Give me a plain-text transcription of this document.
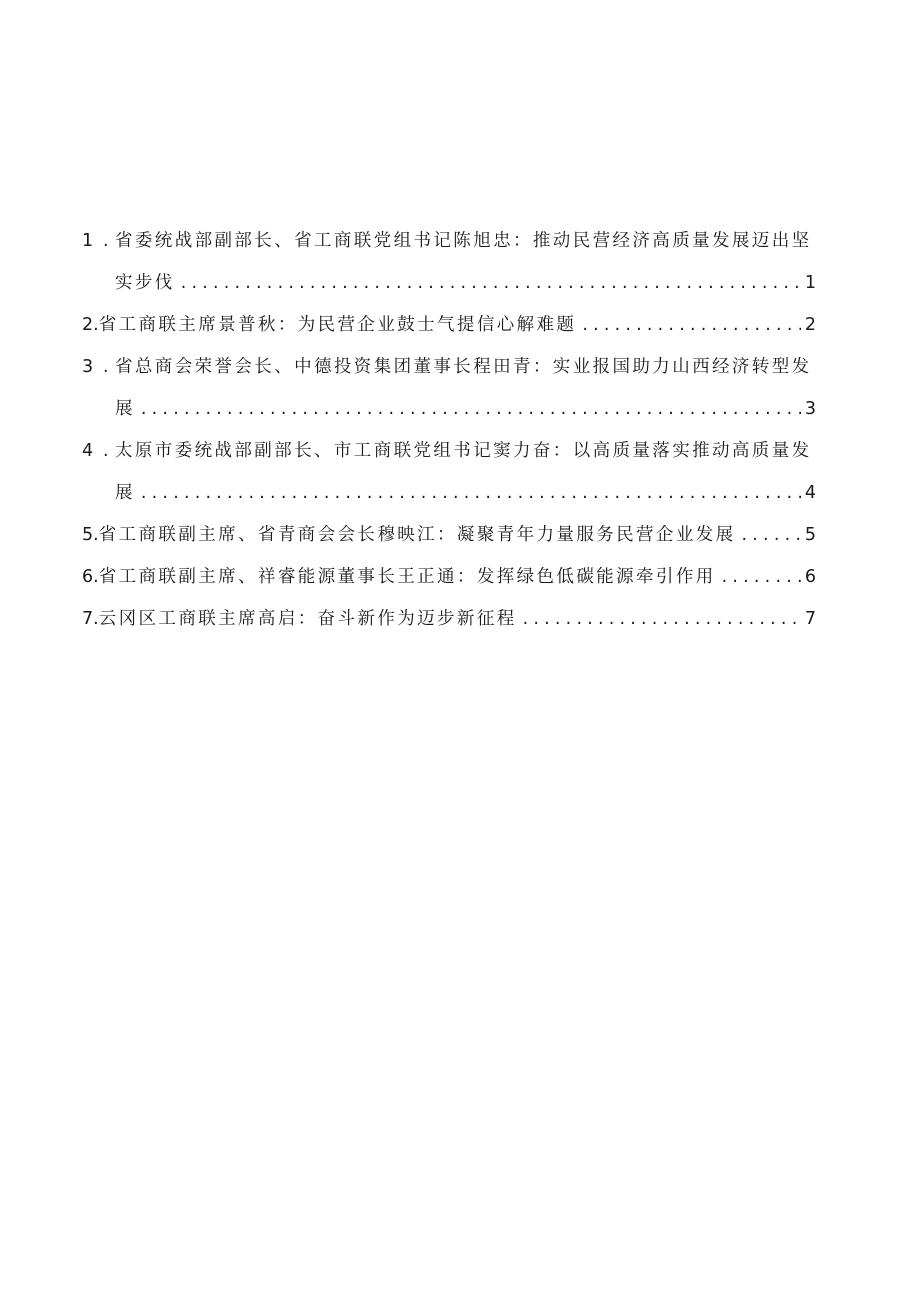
1 . 省委统战部副部长、省工商联党组书记陈旭忠：推动民营经济高质量发展迈出坚
实步伐 .....	1
2 . 省工商联主席景普秋：为民营企业鼓士气提信心解难题 .....	2
3 . 省总商会荣誉会长、中德投资集团董事长程田青：实业报国助力山西经济转型发
展 .....	3
4 . 太原市委统战部副部长、市工商联党组书记窦力奋：以高质量落实推动高质量发
展 .....	4
5 . 省工商联副主席、省青商会会长穆映江：凝聚青年力量服务民营企业发展 .....	5
6 . 省工商联副主席、祥睿能源董事长王正通：发挥绿色低碳能源牵引作用 .....	6
7 . 云冈区工商联主席高启：奋斗新作为迈步新征程 .....	7
